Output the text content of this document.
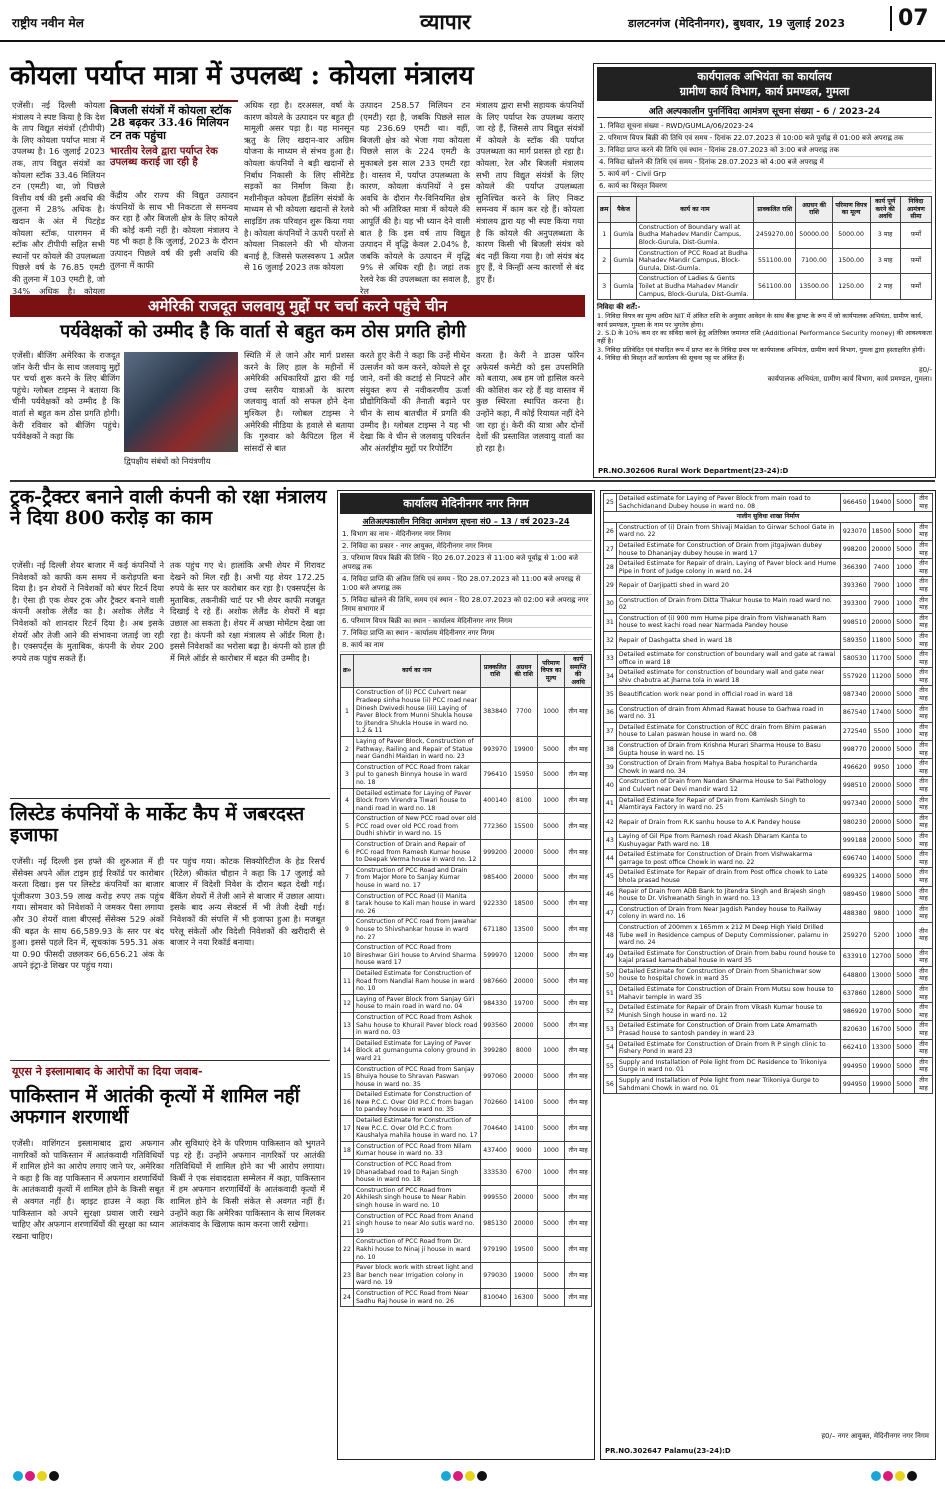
राष्ट्रीय नवीन मेल	व्यापार	डालटनगंज (मेदिनीनगर), बुधवार, 19 जुलाई 2023	07
कोयला पर्याप्त मात्रा में उपलब्ध : कोयला मंत्रालय
बिजली संयंत्रों में कोयला स्टॉक 28 बढ़कर 33.46 मिलियन टन तक पहुंचा
भारतीय रेलवे द्वारा पर्याप्त रेक उपलब्ध कराई जा रही है
एजेंसी। नई दिल्ली कोयला मंत्रालय ने स्पष्ट किया है कि देश के ताप विद्युत संयंत्रों (टीपीपी) के लिए कोयला पर्याप्त मात्रा में उपलब्ध है। 16 जुलाई 2023 तक, ताप विद्युत संयंत्रों का कोयला स्टॉक 33.46 मिलियन टन (एमटी) था, जो पिछले वित्तीय वर्ष की इसी अवधि की तुलना में 28% अधिक है। खदान के अंत में पिटहेड कोयला स्टॉक, पारगमन में स्टॉक और टीपीपी सहित सभी स्थानों पर कोयले की उपलब्धता पिछले वर्ष के 76.85 एमटी की तुलना में 103 एमटी है, जो 34% अधिक है। कोयला
केंद्रीय और राज्य की विद्युत उत्पादन कंपनियों के साथ भी निकटता से समन्वय कर रहा है और बिजली क्षेत्र के लिए कोयले की कोई कमी नहीं है। कोयला मंत्रालय ने यह भी कहा है कि जुलाई, 2023 के दौरान उत्पादन पिछले वर्ष की इसी अवधि की तुलना में काफी
अधिक रहा है। दरअसल, वर्षा के कारण कोयले के उत्पादन पर बहुत ही मामूली असर पड़ा है। यह मानसून ऋतु के लिए खदान-वार अग्रिम योजना के माध्यम से संभव हुआ है। कोयला कंपनियों ने बड़ी खदानों से निर्बाध निकासी के लिए सीमेंटेड सड़कों का निर्माण किया है। मशीनीकृत कोयला हैंडलिंग संयंत्रों के माध्यम से भी कोयला खदानों से रेलवे साइडिंग तक परिवहन शुरू किया गया है। कोयला कंपनियों ने ऊपरी परतों से कोयला निकालने की भी योजना बनाई है, जिससे फलस्वरूप 1 अप्रैल से 16 जुलाई 2023 तक कोयला
उत्पादन 258.57 मिलियन टन (एमटी) रहा है, जबकि पिछले साल यह 236.69 एमटी था। वहीं, बिजली क्षेत्र को भेजा गया कोयला पिछले साल के 224 एमटी के मुकाबले इस साल 233 एमटी रहा है। वास्तव में, पर्याप्त उपलब्धता के कारण, कोयला कंपनियों ने इस अवधि के दौरान गैर-विनियमित क्षेत्र को भी अतिरिक्त मात्रा में कोयले की आपूर्ति की है। यह भी ध्यान देने वाली बात है कि इस वर्ष ताप विद्युत उत्पादन में वृद्धि केवल 2.04% है, जबकि कोयले के उत्पादन में वृद्धि 9% से अधिक रही है। जहां तक रेलवे रेक की उपलब्धता का सवाल है, रेल
मंत्रालय द्वारा सभी सहायक कंपनियों के लिए पर्याप्त रेक उपलब्ध कराए जा रहे हैं, जिससे ताप विद्युत संयंत्रों में कोयले के स्टॉक की पर्याप्त उपलब्धता का मार्ग प्रशस्त हो रहा है। कोयला, रेल और बिजली मंत्रालय सभी ताप विद्युत संयंत्रों के लिए कोयले की पर्याप्त उपलब्धता सुनिश्चित करने के लिए निकट समन्वय में काम कर रहे हैं। कोयला मंत्रालय द्वारा यह भी स्पष्ट किया गया है कि कोयले की अनुपलब्धता के कारण किसी भी बिजली संयंत्र को बंद नहीं किया गया है। जो संयंत्र बंद हुए हैं, वे किन्हीं अन्य कारणों से बंद हुए हैं।
कार्यपालक अभियंता का कार्यालय
ग्रामीण कार्य विभाग, कार्य प्रमण्डल, गुमला
अति अल्पकालीन पुनर्निविदा आमंत्रण सूचना संख्या - 6 / 2023-24
1. निविदा सूचना संख्या - RWD/GUMLA/06/2023-24
2. परिमाण विपत्र बिक्री की तिथि एवं समय - दिनांक 22.07.2023 से 10:00 बजे पूर्वाह्न से 01:00 बजे अपराह्न तक
3. निविदा प्राप्त करने की तिथि एवं स्थान - दिनांक 28.07.2023 को 3:00 बजे अपराह्न तक
4. निविदा खोलने की तिथि एवं समय - दिनांक 28.07.2023 को 4:00 बजे अपराह्न में
5. कार्य वर्ग - Civil Grp
6. कार्य का विस्तृत विवरण
क्रम	पैकेज	कार्य का नाम	प्राक्कलित राशि	अग्रधन की राशि	परिमाण विपत्र का मूल्य	कार्य पूर्ण करने की अवधि	निविदा आमंत्रण सीमा
1	Gumla	Construction of Boundary wall at Budha Mahadev Mandir Campus, Block-Gurula, Dist-Gumla.	2459270.00	50000.00	5000.00	3 माह	फ़र्मों
2	Gumla	Construction of PCC Road at Budha Mahadev Mandir Campus, Block-Gurula, Dist-Gumla.	551100.00	7100.00	1500.00	3 माह	फ़र्मों
3	Gumla	Construction of Ladies & Gents Toilet at Budha Mahadev Mandir Campus, Block-Gurula, Dist-Gumla.	561100.00	13500.00	1250.00	2 माह	फ़र्मों
निविदा की शर्तें:-
1. निविदा विपत्र का मूल्य अग्रिम NIT में अंकित राशि के अनुसार आवेदन के साथ बैंक ड्राफ्ट के रूप में जो कार्यपालक अभियंता, ग्रामीण कार्य, कार्य प्रमण्डल, गुमला के नाम पर भुगतेय होगा।
2. S.D के 10% कम दर का संविदा करने हेतु अतिरिक्त जमानत राशि (Additional Performance Security money) की आवश्यकता नहीं है।
3. निविदा प्रतिवेदित एवं संपादित रूप में प्राप्त कर के निविदा प्रपत्र पर कार्यपालक अभियंता, ग्रामीण कार्य विभाग, गुमला द्वारा हस्ताक्षरित होगी।
4. निविदा की विस्तृत शर्तें कार्यालय की सूचना पट्ट पर अंकित हैं।
ह0/-
कार्यपालक अभियंता, ग्रामीण कार्य विभाग, कार्य प्रमण्डल, गुमला।
PR.NO.302606 Rural Work Department(23-24):D
अमेरिकी राजदूत जलवायु मुद्दों पर चर्चा करने पहुंचे चीन
पर्यवेक्षकों को उम्मीद है कि वार्ता से बहुत कम ठोस प्रगति होगी
एजेंसी। बीजिंग अमेरिका के राजदूत जॉन केरी चीन के साथ जलवायु मुद्दों पर चर्चा शुरू करने के लिए बीजिंग पहुंचे। ग्लोबल टाइम्स ने बताया कि चीनी पर्यवेक्षकों को उम्मीद है कि वार्ता से बहुत कम ठोस प्रगति होगी। केरी रविवार को बीजिंग पहुंचे। पर्यवेक्षकों ने कहा कि
द्विपक्षीय संबंधों को नियंत्रणीय
स्थिति में ले जाने और मार्ग प्रशस्त करने के लिए हाल के महीनों में अमेरिकी अधिकारियों द्वारा की गई उच्च स्तरीय यात्राओं के कारण जलवायु वार्ता को सफल होने देना मुश्किल है। ग्लोबल टाइम्स ने अमेरिकी मीडिया के हवाले से बताया कि गुरुवार को कैपिटल हिल में सांसदों से बात
करते हुए केरी ने कहा कि उन्हें मीथेन उत्सर्जन को कम करने, कोयले से दूर जाने, वनों की कटाई से निपटने और संयुक्त रूप से नवीकरणीय ऊर्जा प्रौद्योगिकियों की तैनाती बढ़ाने पर चीन के साथ बातचीत में प्रगति की उम्मीद है। ग्लोबल टाइम्स ने यह भी देखा कि वे चीन से जलवायु परिवर्तन और अंतर्राष्ट्रीय मुद्दों पर रिपोर्टिंग
करता है। केरी ने डाउस फॉरेन अफेयर्स कमेटी को इस उपसमिति को बताया, अब हम जो हासिल करने की कोशिश कर रहे हैं वह वास्तव में कुछ स्थिरता स्थापित करना है। उन्होंने कहा, मैं कोई रियायत नहीं देने जा रहा हूं। केरी की यात्रा और दोनों देशों की प्रस्तावित जलवायु वार्ता का हो रहा है।
ट्रक-ट्रैक्टर बनाने वाली कंपनी को रक्षा मंत्रालय ने दिया 800 करोड़ का काम
एजेंसी। नई दिल्ली शेयर बाजार में कई कंपनियों ने निवेशकों को काफी कम समय में करोड़पति बना दिया है। इन शेयरों ने निवेशकों को बंपर रिटर्न दिया है। ऐसा ही एक शेयर ट्रक और ट्रैक्टर बनाने वाली कंपनी अशोक लेलैंड का है। अशोक लेलैंड ने निवेशकों को शानदार रिटर्न दिया है। अब इसके शेयरों और तेजी आने की संभावना जताई जा रही है। एक्सपर्ट्स के मुताबिक, कंपनी के शेयर 200 रुपये तक पहुंच सकते हैं।
तक पहुंच गए थे। हालांकि अभी शेयर में गिरावट देखने को मिल रही है। अभी यह शेयर 172.25 रुपये के स्तर पर कारोबार कर रहा है। एक्सपर्ट्स के मुताबिक, तकनीकी चार्ट पर भी शेयर काफी मजबूत दिखाई दे रहे हैं। अशोक लेलैंड के शेयरों में बड़ा उछाल आ सकता है। शेयर में अच्छा मोमेंटम देखा जा रहा है। कंपनी को रक्षा मंत्रालय से ऑर्डर मिला है। इससे निवेशकों का भरोसा बढ़ा है। कंपनी को हाल ही में मिले ऑर्डर से कारोबार में बढ़त की उम्मीद है।
लिस्टेड कंपनियों के मार्केट कैप में जबरदस्त इजाफा
एजेंसी। नई दिल्ली इस हफ्ते की शुरुआत में ही सेंसेक्स अपने ऑल टाइम हाई रिकॉर्ड पर कारोबार करता दिखा। इस पर लिस्टेड कंपनियों का बाजार पूंजीकरण 303.59 लाख करोड़ रुपए तक पहुंच गया। सोमवार को निवेशकों ने जमकर पैसा लगाया और 30 शेयरों वाला बीएसई सेंसेक्स 529 अंकों की बढ़त के साथ 66,589.93 के स्तर पर बंद हुआ। इससे पहले दिन में, सूचकांक 595.31 अंक या 0.90 फीसदी उछलकर 66,656.21 अंक के अपने इंट्रा-डे शिखर पर पहुंच गया।
पर पहुंच गया। कोटक सिक्योरिटीज के हेड रिसर्च (रिटेल) श्रीकांत चौहान ने कहा कि 17 जुलाई को बाजार में विदेशी निवेश के दौरान बढ़त देखी गई। बैंकिंग शेयरों में तेजी आने से बाजार में उछाल आया। इसके बाद अन्य सेक्टर्स में भी तेजी देखी गई। निवेशकों की संपत्ति में भी इजाफा हुआ है। मजबूत घरेलू संकेतों और विदेशी निवेशकों की खरीदारी से बाजार ने नया रिकॉर्ड बनाया।
यूएस ने इस्लामाबाद के आरोपों का दिया जवाब-
पाकिस्तान में आतंकी कृत्यों में शामिल नहीं अफगान शरणार्थी
एजेंसी। वाशिंगटन इस्लामाबाद द्वारा अफगान नागरिकों को पाकिस्तान में आतंकवादी गतिविधियों में शामिल होने का आरोप लगाए जाने पर, अमेरिका ने कहा है कि वह पाकिस्तान में अफगान शरणार्थियों के आतंकवादी कृत्यों में शामिल होने के किसी सबूत से अवगत नहीं है। व्हाइट हाउस ने कहा कि पाकिस्तान को अपने सुरक्षा प्रयास जारी रखने चाहिए और अफगान शरणार्थियों की सुरक्षा का ध्यान रखना चाहिए।
और सुविधाएं देने के परिणाम पाकिस्तान को भुगतने पड़ रहे हैं। उन्होंने अफगान नागरिकों पर आतंकी गतिविधियों में शामिल होने का भी आरोप लगाया। किर्बी ने एक संवाददाता सम्मेलन में कहा, पाकिस्तान में हम अफगान शरणार्थियों के आतंकवादी कृत्यों में शामिल होने के किसी संकेत से अवगत नहीं हैं। उन्होंने कहा कि अमेरिका पाकिस्तान के साथ मिलकर आतंकवाद के खिलाफ काम करना जारी रखेगा।
कार्यालय मेदिनीनगर नगर निगम
अतिअल्पकालीन निविदा आमंत्रण सूचना सं0 – 13 / वर्ष 2023–24
1. विभाग का नाम - मेदिनीनगर नगर निगम
2. निविदा का प्रकार - नगर आयुक्त, मेदिनीनगर नगर निगम
3. परिमाण विपत्र बिक्री की तिथि - दि0 26.07.2023 से 11:00 बजे पूर्वाह्न से 1:00 बजे अपराह्न तक
4. निविदा प्राप्ति की अंतिम तिथि एवं समय - दि0 28.07.2023 को 11:00 बजे अपराह्न से 1:00 बजे अपराह्न तक
5. निविदा खोलने की तिथि, समय एवं स्थान - दि0 28.07.2023 को 02:00 बजे अपराह्न नगर निगम सभागार में
6. परिमाण विपत्र बिक्री का स्थान - कार्यालय मेदिनीनगर नगर निगम
7. निविदा प्राप्ति का स्थान - कार्यालय मेदिनीनगर नगर निगम
8. कार्य का नाम
क्र०	कार्य का नाम	प्राक्कलित राशि	अग्रधन की राशि	परिमाण विपत्र का मूल्य	कार्य समाप्ति की अवधि
1	Construction of (i) PCC Culvert near Pradeep sinha house (ii) PCC road near Dinesh Dwivedi house (iii) Laying of Paver Block from Munni Shukla house to Jitendra Shukla House in ward no. 1,2 & 11	383840	7700	1000	तीन माह
2	Laying of Paver Block, Construction of Pathway, Railing and Repair of Statue near Gandhi Maidan in ward no. 23	993970	19900	5000	तीन माह
3	Construction of PCC Road from rakar pul to ganesh Binnya house in ward no. 18	796410	15950	5000	तीन माह
4	Detailed estimate for Laying of Paver Block from Virendra Tiwari house to nandi road in ward no. 18	400140	8100	1000	तीन माह
5	Construction of New PCC road over old PCC road over old PCC road from Dudhi shivtir in ward no. 15	772360	15500	5000	तीन माह
6	Construction of Drain and Repair of PCC road from Ramesh Kumar house to Deepak Verma house in ward no. 12	999200	20000	5000	तीन माह
7	Construction of PCC Road and Drain from Major More to Sanjay Kumar house in ward no. 17	985400	20000	5000	तीन माह
8	Construction of PCC Road (i) Manita tarak house to Kali man house in ward no. 26	922330	18500	5000	तीन माह
9	Construction of PCC road from Jawahar house to Shivshankar house in ward no. 27	671180	13500	5000	तीन माह
10	Construction of PCC Road from Bireshwar Giri house to Arvind Sharma house ward 17	599970	12000	5000	तीन माह
11	Detailed Estimate for Construction of Road from Nandlal Ram house in ward no. 10	987660	20000	5000	तीन माह
12	Laying of Paver Block from Sanjay Giri house to main road in ward no. 04	984330	19700	5000	तीन माह
13	Construction of PCC Road from Ashok Sahu house to Khurail Paver block road in ward no. 03	993560	20000	5000	तीन माह
14	Detailed Estimate for Laying of Paver Block at gumanguma colony ground in ward 21	399280	8000	1000	तीन माह
15	Construction of PCC Road from Sanjay Bhuiya house to Shravan Paswan house in ward no. 35	997060	20000	5000	तीन माह
16	Detailed Estimate for Construction of New P.C.C. Over Old P.C.C from bagan to pandey house in ward no. 35	702660	14100	5000	तीन माह
17	Detailed Estimate for Construction of New P.C.C. Over Old P.C.C from Kaushalya mahila house in ward no. 17	704640	14100	5000	तीन माह
18	Construction of PCC Road from Nilam Kumar house in ward no. 33	437400	9000	1000	तीन माह
19	Construction of PCC Road from Dhanadabad road to Rajan Singh house in ward no. 18	333530	6700	1000	तीन माह
20	Construction of PCC Road from Akhilesh singh house to Near Rabin singh house in ward no. 10	999550	20000	5000	तीन माह
21	Construction of PCC Road from Anand singh house to near Alo sutis ward no. 19	985130	20000	5000	तीन माह
22	Construction of PCC Road from Dr. Rakhi house to Ninaj ji house in ward no. 10	979190	19500	5000	तीन माह
23	Paver block work with street light and Bar bench near Irrigation colony in ward no. 19	979030	19000	5000	तीन माह
24	Construction of PCC Road from Near Sadhu Raj house in ward no. 26	810040	16300	5000	तीन माह
25	Detailed estimate for Laying of Paver Block from main road to Sachchidanand Dubey house in ward no. 08	966450	19400	5000	तीन माह
नालीन सुविधा शाखा निर्माण					
26	Construction of (i) Drain from Shivaji Maidan to Girwar School Gate in ward no. 22	923070	18500	5000	तीन माह
27	Detailed Estimate for Construction of Drain from jitgajiwan dubey house to Dhananjay dubey house in ward 17	998200	20000	5000	तीन माह
28	Detailed Estimate for Repair of drain, Laying of Paver block and Hume Pipe in front of Judge colony in ward no. 24	366390	7400	1000	तीन माह
29	Repair of Darjipatti shed in ward 20	393360	7900	1000	तीन माह
30	Construction of Drain from Ditta Thakur house to Main road ward no. 02	393300	7900	1000	तीन माह
31	Construction of (i) 900 mm Hume pipe drain from Vishwanath Ram house to west kachi road near Narmada Pandey house	998510	20000	5000	तीन माह
32	Repair of Dashgatta shed in ward 18	589350	11800	5000	तीन माह
33	Detailed estimate for construction of boundary wall and gate at rawal office in ward 18	580530	11700	5000	तीन माह
34	Detailed estimate for construction of boundary wall and gate near shiv chabutra at jharna tola in ward 18	557920	11200	5000	तीन माह
35	Beautification work near pond in official road in ward 18	987340	20000	5000	तीन माह
36	Construction of drain from Ahmad Rawat house to Garhwa road in ward no. 31	867540	17400	5000	तीन माह
37	Detailed Estimate for Construction of RCC drain from Bhim paswan house to Lalan paswan house in ward no. 08	272540	5500	1000	तीन माह
38	Construction of Drain from Krishna Murari Sharma House to Basu Gupta house in ward no. 15	998770	20000	5000	तीन माह
39	Construction of Drain from Mahya Baba hospital to Purancharda Chowk in ward no. 34	496620	9950	1000	तीन माह
40	Construction of Drain from Nandan Sharma House to Sai Pathology and Culvert near Devi mandir ward 12	998510	20000	5000	तीन माह
41	Detailed Estimate for Repair of Drain from Kamlesh Singh to Alamtiraya Factory in ward no. 25	997340	20000	5000	तीन माह
42	Repair of Drain from R.K sanhu house to A.K Pandey house	980230	20000	5000	तीन माह
43	Laying of Gil Pipe from Ramesh road Akash Dharam Kanta to Kushuyagar Path ward no. 18	999188	20000	5000	तीन माह
44	Detailed Estimate for Construction of Drain from Vishwakarma garrage to post office Chowk in ward no. 22	696740	14000	5000	तीन माह
45	Detailed Estimate for Repair of drain from Post office chowk to Late bhola prasad house	699325	14000	5000	तीन माह
46	Repair of Drain from ADB Bank to Jitendra Singh and Brajesh singh house to Dr. Vishwanath Singh in ward no. 13	989450	19800	5000	तीन माह
47	Construction of Drain from Near Jagdish Pandey house to Railway colony in ward no. 16	488380	9800	1000	तीन माह
48	Construction of 200mm x 165mm x 212 M Deep High Yield Drilled Tube well in Residence campus of Deputy Commissioner, palamu in ward no. 24	259270	5200	1000	तीन माह
49	Detailed Estimate for Construction of Drain from babu round house to kajal prasad kamadhabal house in ward 35	633910	12700	5000	तीन माह
50	Detailed Estimate for Construction of Drain from Shanichwar sow house to hospital chowk in ward 35	648800	13000	5000	तीन माह
51	Detailed Estimate for Construction of Drain From Mutsu sow house to Mahavir temple in ward 35	637860	12800	5000	तीन माह
52	Detailed Estimate for Repair of Drain from Vikash Kumar house to Munish Singh house in ward no. 12	986920	19700	5000	तीन माह
53	Detailed Estimate for Construction of Drain from Late Amarnath Prasad house to santosh pandey in ward 23	820630	16700	5000	तीन माह
54	Detailed Estimate for Construction of Drain from R P singh clinic to Fishery Pond in ward 23	662410	13300	5000	तीन माह
55	Supply and Installation of Pole light from DC Residence to Trikoniya Gurge in ward no. 01	994950	19900	5000	तीन माह
56	Supply and Installation of Pole light from near Trikoniya Gurge to Sahdmani Chowk in ward no. 01	994950	19900	5000	तीन माह
ह0/– नगर आयुक्त, मेदिनीनगर नगर निगम
PR.NO.302647 Palamu(23-24):D
